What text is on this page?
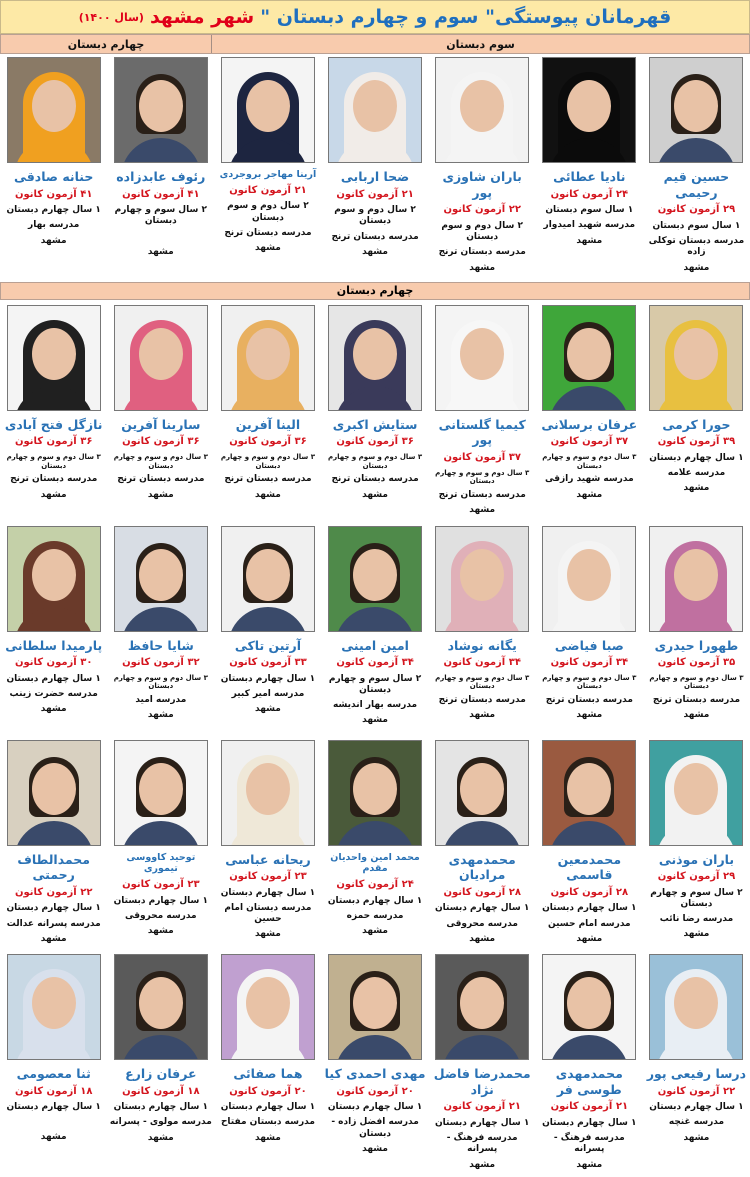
قهرمانان پیوستگی" سوم و چهارم دبستان "
شهر مشهد
(سال ۱۴۰۰)
سوم دبستان
چهارم دبستان
حسین قیم رحیمی
۲۹ آزمون کانون
۱ سال سوم دبستان
مدرسه دبستان توکلی زاده
مشهد
نادیا عطائی
۲۴ آزمون کانون
۱ سال سوم دبستان
مدرسه شهید امیدوار
مشهد
باران شاوزی پور
۲۲ آزمون کانون
۲ سال دوم و سوم دبستان
مدرسه دبستان ترنج
مشهد
ضحا اربابی
۲۱ آزمون کانون
۲ سال دوم و سوم دبستان
مدرسه دبستان ترنج
مشهد
آرینا مهاجر بروجردی
۲۱ آزمون کانون
۲ سال دوم و سوم دبستان
مدرسه دبستان ترنج
مشهد
رئوف عابدزاده
۴۱ آزمون کانون
۲ سال سوم و چهارم دبستان
مشهد
حنانه صادقی
۴۱ آزمون کانون
۱ سال چهارم دبستان
مدرسه بهار
مشهد
چهارم دبستان
حورا کرمی
۳۹ آزمون کانون
۱ سال چهارم دبستان
مدرسه علامه
مشهد
عرفان برسلانی
۳۷ آزمون کانون
۳ سال دوم و سوم و چهارم دبستان
مدرسه شهید رازقی
مشهد
کیمیا گلستانی پور
۳۷ آزمون کانون
۳ سال دوم و سوم و چهارم دبستان
مدرسه دبستان ترنج
مشهد
ستایش اکبری
۳۶ آزمون کانون
۳ سال دوم و سوم و چهارم دبستان
مدرسه دبستان ترنج
مشهد
الینا آفرین
۳۶ آزمون کانون
۳ سال دوم و سوم و چهارم دبستان
مدرسه دبستان ترنج
مشهد
سارینا آفرین
۳۶ آزمون کانون
۳ سال دوم و سوم و چهارم دبستان
مدرسه دبستان ترنج
مشهد
نازگل فتح آبادی
۳۶ آزمون کانون
۳ سال دوم و سوم و چهارم دبستان
مدرسه دبستان ترنج
مشهد
طهورا حیدری
۳۵ آزمون کانون
۳ سال دوم و سوم و چهارم دبستان
مدرسه دبستان ترنج
مشهد
صبا فیاضی
۳۴ آزمون کانون
۳ سال دوم و سوم و چهارم دبستان
مدرسه دبستان ترنج
مشهد
یگانه نوشاد
۳۴ آزمون کانون
۳ سال دوم و سوم و چهارم دبستان
مدرسه دبستان ترنج
مشهد
امین امینی
۳۴ آزمون کانون
۲ سال سوم و چهارم دبستان
مدرسه بهار اندیشه
مشهد
آرتین تاکی
۳۳ آزمون کانون
۱ سال چهارم دبستان
مدرسه امیر کبیر
مشهد
شایا حافظ
۳۲ آزمون کانون
۳ سال دوم و سوم و چهارم دبستان
مدرسه امید
مشهد
پارمیدا سلطانی
۳۰ آزمون کانون
۱ سال چهارم دبستان
مدرسه حضرت زینب
مشهد
باران موذنی
۲۹ آزمون کانون
۲ سال سوم و چهارم دبستان
مدرسه رضا نائب
مشهد
محمدمعین قاسمی
۲۸ آزمون کانون
۱ سال چهارم دبستان
مدرسه امام حسین
مشهد
محمدمهدی مرادیان
۲۸ آزمون کانون
۱ سال چهارم دبستان
مدرسه محروقی
مشهد
محمد امین واحدیان مقدم
۲۴ آزمون کانون
۱ سال چهارم دبستان
مدرسه حمزه
مشهد
ریحانه عباسی
۲۳ آزمون کانون
۱ سال چهارم دبستان
مدرسه دبستان امام حسین
مشهد
توحید کاووسی تیموری
۲۳ آزمون کانون
۱ سال چهارم دبستان
مدرسه محروقی
مشهد
محمدالطاف رحمتی
۲۲ آزمون کانون
۱ سال چهارم دبستان
مدرسه پسرانه عدالت
مشهد
درسا رفیعی پور
۲۲ آزمون کانون
۱ سال چهارم دبستان
مدرسه غنچه
مشهد
محمدمهدی طوسی فر
۲۱ آزمون کانون
۱ سال چهارم دبستان
مدرسه فرهنگ - پسرانه
مشهد
محمدرضا فاضل نژاد
۲۱ آزمون کانون
۱ سال چهارم دبستان
مدرسه فرهنگ - پسرانه
مشهد
مهدی احمدی کیا
۲۰ آزمون کانون
۱ سال چهارم دبستان
مدرسه افضل زاده - دبستان
مشهد
هما صفائی
۲۰ آزمون کانون
۱ سال چهارم دبستان
مدرسه دبستان مفتاح
مشهد
عرفان زارع
۱۸ آزمون کانون
۱ سال چهارم دبستان
مدرسه مولوی - پسرانه
مشهد
ثنا معصومی
۱۸ آزمون کانون
۱ سال چهارم دبستان
مشهد
